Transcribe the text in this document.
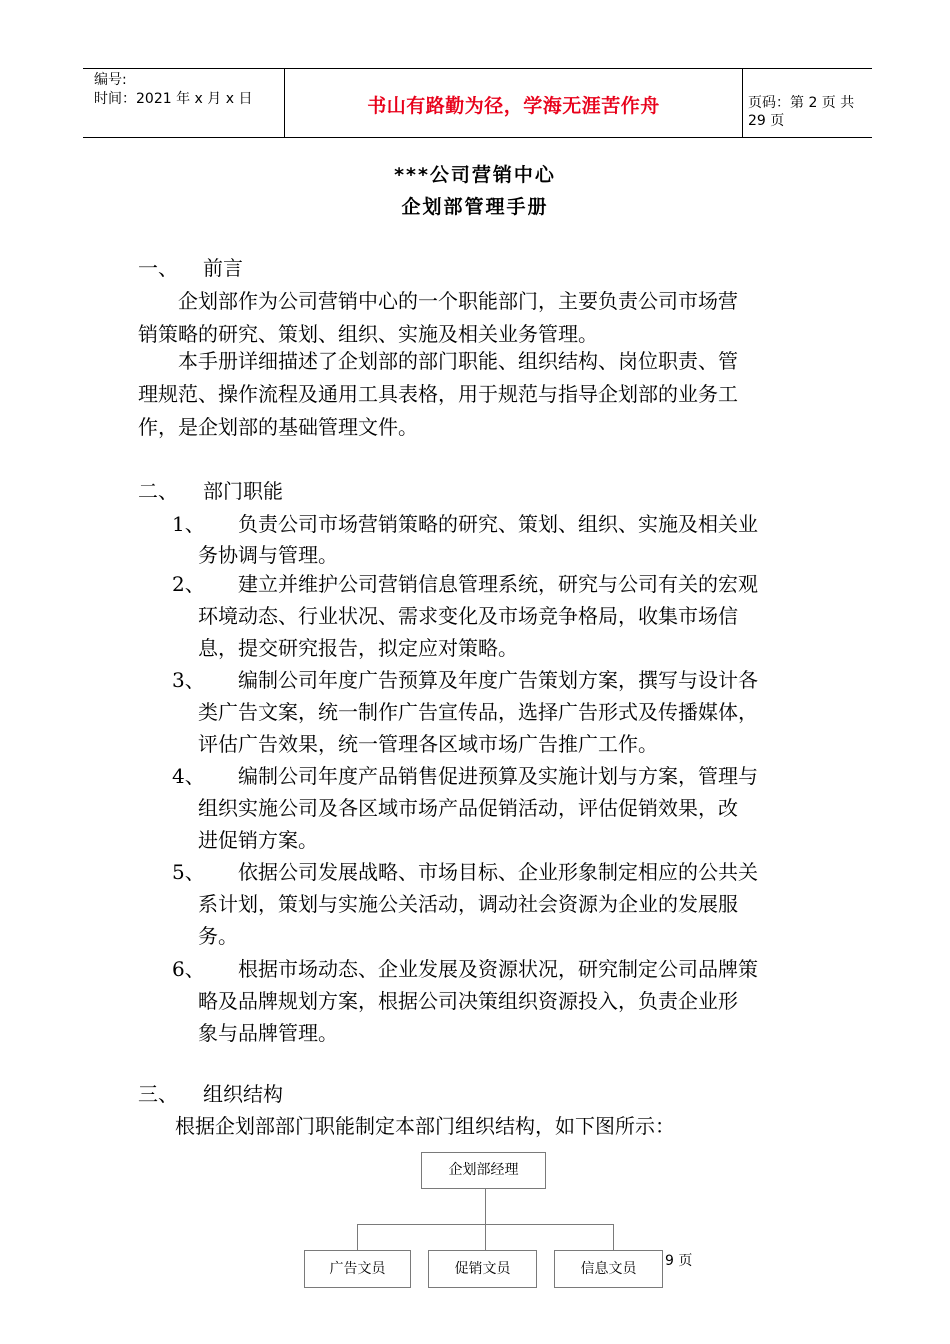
编号:
时间：2021 年 x 月 x 日	书山有路勤为径，学海无涯苦作舟	页码：第 2 页 共 29 页
***公司营销中心
企划部管理手册
一、 前言
企划部作为公司营销中心的一个职能部门，主要负责公司市场营
销策略的研究、策划、组织、实施及相关业务管理。
本手册详细描述了企划部的部门职能、组织结构、岗位职责、管
理规范、操作流程及通用工具表格，用于规范与指导企划部的业务工
作，是企划部的基础管理文件。
二、 部门职能
1、 负责公司市场营销策略的研究、策划、组织、实施及相关业
务协调与管理。
2、 建立并维护公司营销信息管理系统，研究与公司有关的宏观
环境动态、行业状况、需求变化及市场竞争格局，收集市场信
息，提交研究报告，拟定应对策略。
3、 编制公司年度广告预算及年度广告策划方案，撰写与设计各
类广告文案，统一制作广告宣传品，选择广告形式及传播媒体，
评估广告效果，统一管理各区域市场广告推广工作。
4、 编制公司年度产品销售促进预算及实施计划与方案，管理与
组织实施公司及各区域市场产品促销活动，评估促销效果，改
进促销方案。
5、 依据公司发展战略、市场目标、企业形象制定相应的公共关
系计划，策划与实施公关活动，调动社会资源为企业的发展服
务。
6、 根据市场动态、企业发展及资源状况，研究制定公司品牌策
略及品牌规划方案，根据公司决策组织资源投入，负责企业形
象与品牌管理。
三、 组织结构
根据企划部部门职能制定本部门组织结构，如下图所示：
企划部经理
广告文员	促销文员	信息文员	9 页
